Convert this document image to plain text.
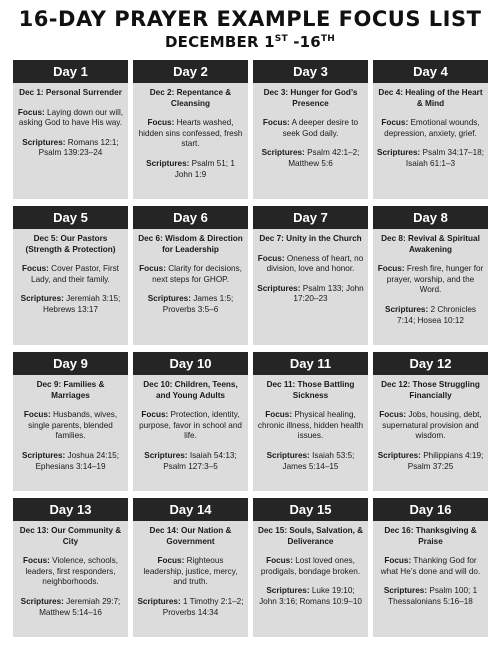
16-DAY PRAYER EXAMPLE FOCUS LIST
DECEMBER 1ST -16TH
Day 1
Dec 1: Personal Surrender
Focus: Laying down our will, asking God to have His way.
Scriptures: Romans 12:1; Psalm 139:23–24
Day 2
Dec 2: Repentance & Cleansing
Focus: Hearts washed, hidden sins confessed, fresh start.
Scriptures: Psalm 51; 1 John 1:9
Day 3
Dec 3: Hunger for God’s Presence
Focus: A deeper desire to seek God daily.
Scriptures: Psalm 42:1–2; Matthew 5:6
Day 4
Dec 4: Healing of the Heart & Mind
Focus: Emotional wounds, depression, anxiety, grief.
Scriptures: Psalm 34:17–18; Isaiah 61:1–3
Day 5
Dec 5: Our Pastors (Strength & Protection)
Focus: Cover Pastor, First Lady, and their family.
Scriptures: Jeremiah 3:15; Hebrews 13:17
Day 6
Dec 6: Wisdom & Direction for Leadership
Focus: Clarity for decisions, next steps for GHOP.
Scriptures: James 1:5; Proverbs 3:5–6
Day 7
Dec 7: Unity in the Church
Focus: Oneness of heart, no division, love and honor.
Scriptures: Psalm 133; John 17:20–23
Day 8
Dec 8: Revival & Spiritual Awakening
Focus: Fresh fire, hunger for prayer, worship, and the Word.
Scriptures: 2 Chronicles 7:14; Hosea 10:12
Day 9
Dec 9: Families & Marriages
Focus: Husbands, wives, single parents, blended families.
Scriptures: Joshua 24:15; Ephesians 3:14–19
Day 10
Dec 10: Children, Teens, and Young Adults
Focus: Protection, identity, purpose, favor in school and life.
Scriptures: Isaiah 54:13; Psalm 127:3–5
Day 11
Dec 11: Those Battling Sickness
Focus: Physical healing, chronic illness, hidden health issues.
Scriptures: Isaiah 53:5; James 5:14–15
Day 12
Dec 12: Those Struggling Financially
Focus: Jobs, housing, debt, supernatural provision and wisdom.
Scriptures: Philippians 4:19; Psalm 37:25
Day 13
Dec 13: Our Community & City
Focus: Violence, schools, leaders, first responders, neighborhoods.
Scriptures: Jeremiah 29:7; Matthew 5:14–16
Day 14
Dec 14: Our Nation & Government
Focus: Righteous leadership, justice, mercy, and truth.
Scriptures: 1 Timothy 2:1–2; Proverbs 14:34
Day 15
Dec 15: Souls, Salvation, & Deliverance
Focus: Lost loved ones, prodigals, bondage broken.
Scriptures: Luke 19:10; John 3:16; Romans 10:9–10
Day 16
Dec 16: Thanksgiving & Praise
Focus: Thanking God for what He’s done and will do.
Scriptures: Psalm 100; 1 Thessalonians 5:16–18
